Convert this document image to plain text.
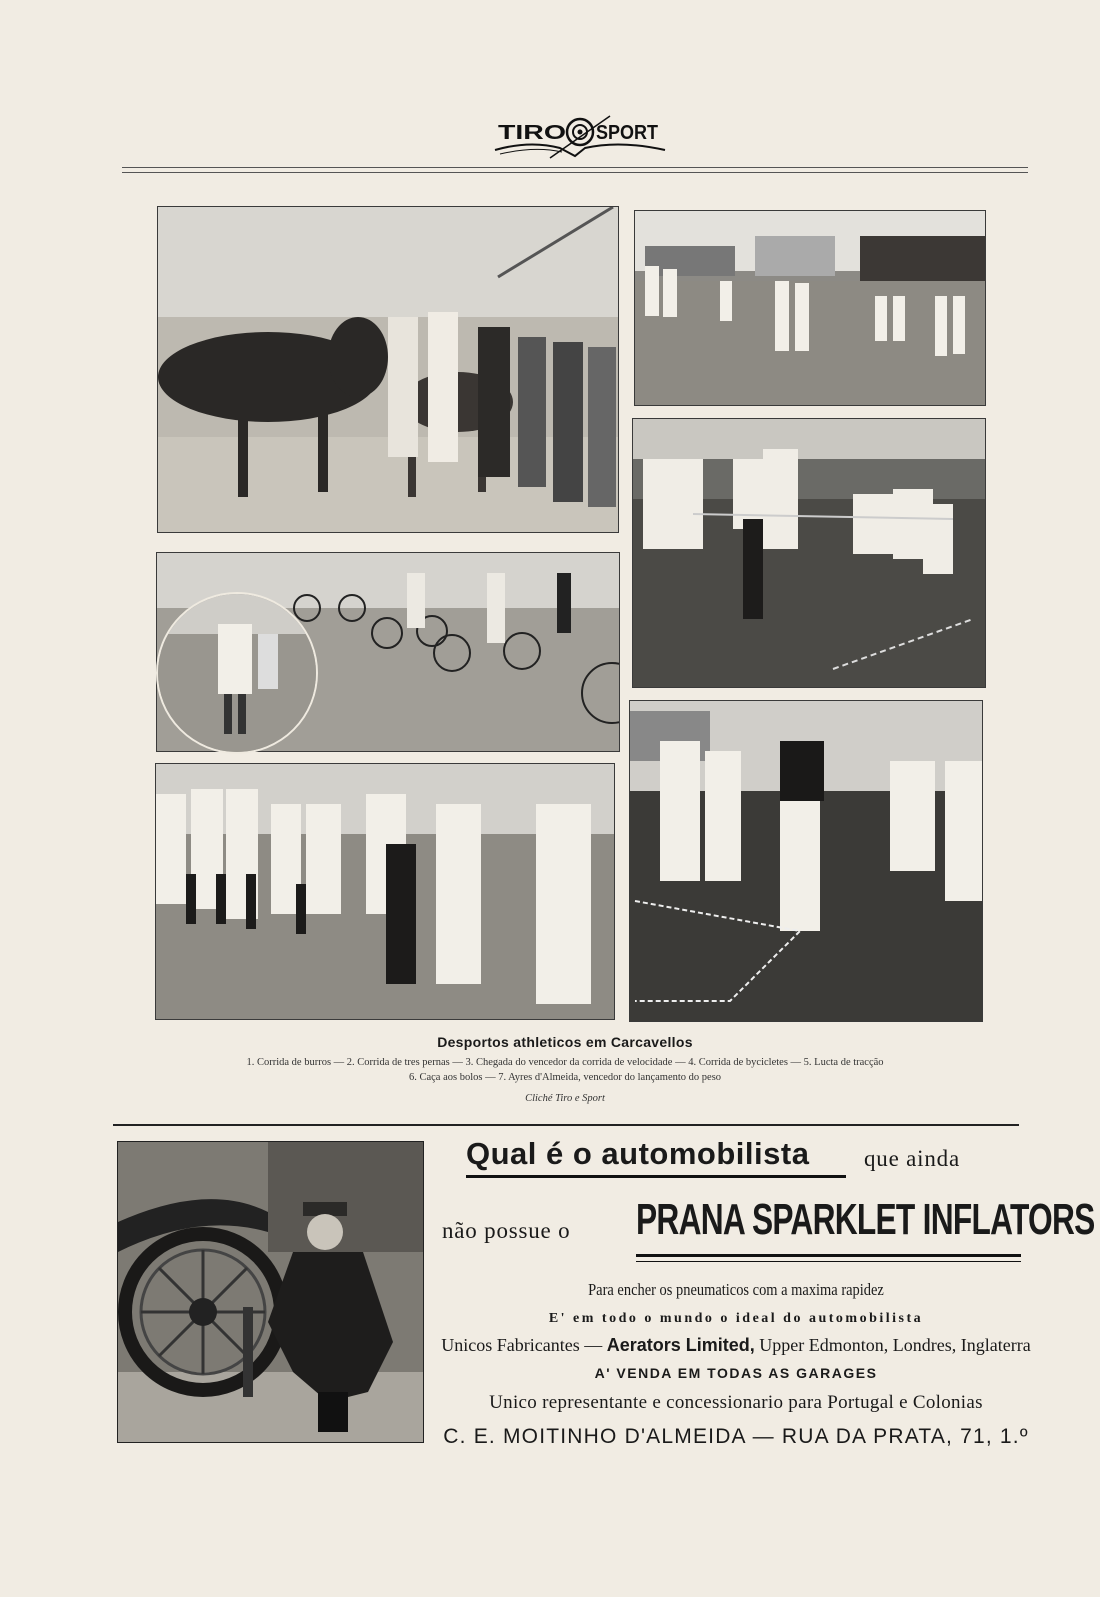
TIRO SPORT
Desportos athleticos em Carcavellos
1. Corrida de burros — 2. Corrida de tres pernas — 3. Chegada do vencedor da corrida de velocidade — 4. Corrida de bycicletes — 5. Lucta de tracção
6. Caça aos bolos — 7. Ayres d'Almeida, vencedor do lançamento do peso
Cliché Tiro e Sport
Qual é o automobilista que ainda
não possue o PRANA SPARKLET INFLATORS
Para encher os pneumaticos com a maxima rapidez
E' em todo o mundo o ideal do automobilista
Unicos Fabricantes — Aerators Limited, Upper Edmonton, Londres, Inglaterra
A' VENDA EM TODAS AS GARAGES
Unico representante e concessionario para Portugal e Colonias
C. E. MOITINHO D'ALMEIDA — RUA DA PRATA, 71, 1.º
